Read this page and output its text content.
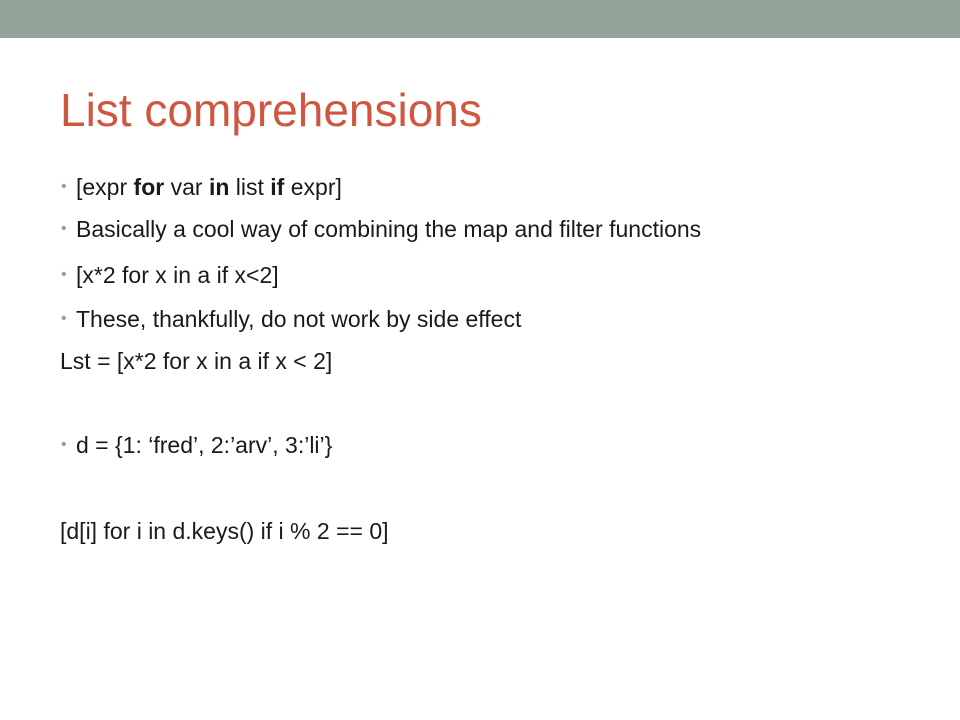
List comprehensions
• [expr for var in list if expr]
• Basically a cool way of combining the map and filter functions
• [x*2 for x in a if x<2]
• These, thankfully, do not work by side effect
Lst = [x*2 for x in a if x < 2]
• d = {1: ‘fred’, 2:’arv’, 3:’li’}
[d[i] for i in d.keys() if i % 2 == 0]
